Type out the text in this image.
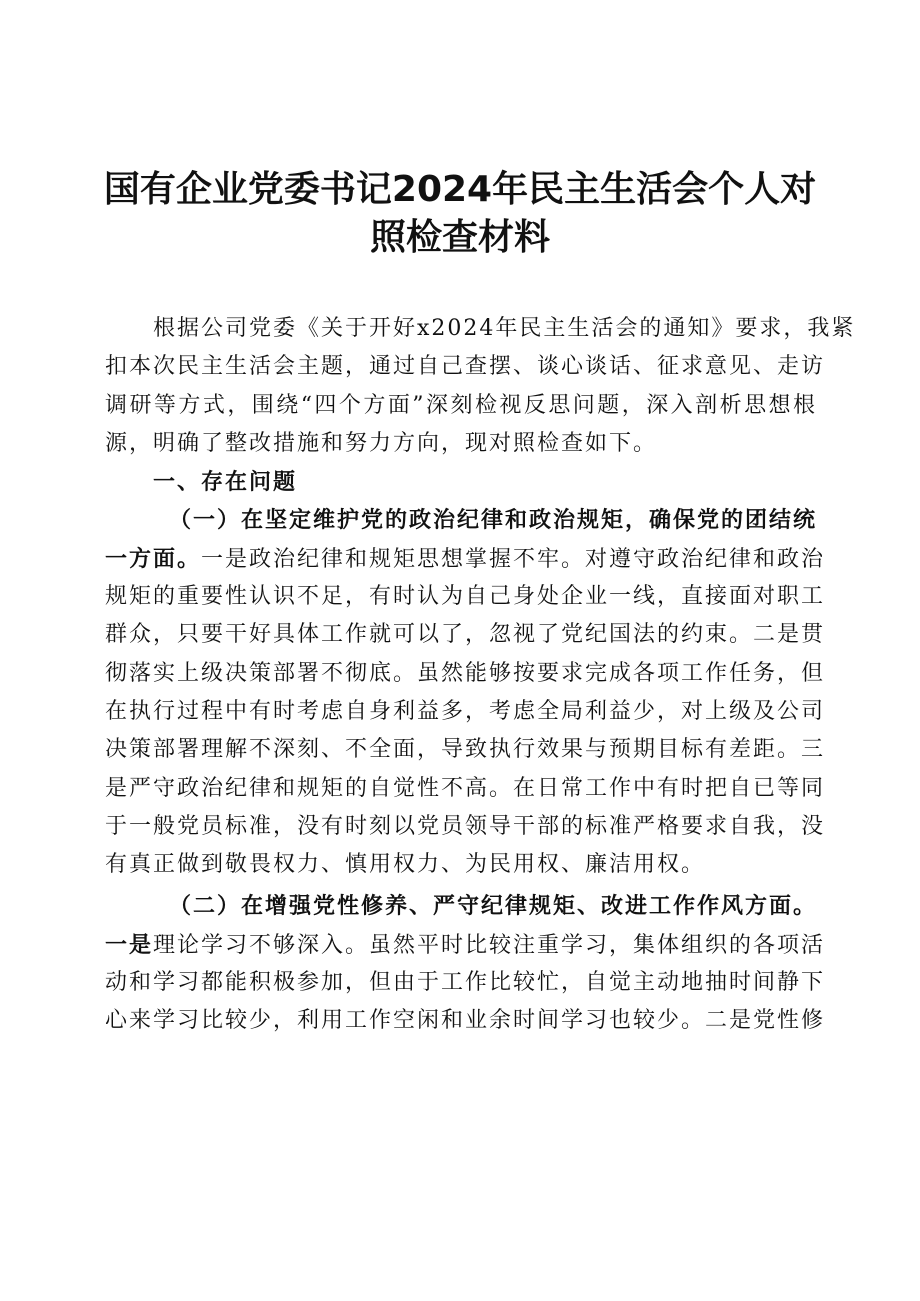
国有企业党委书记2024年民主生活会个人对
照检查材料
根据公司党委《关于开好x2024年民主生活会的通知》要求，我紧
扣本次民主生活会主题，通过自己查摆、谈心谈话、征求意见、走访
调研等方式，围绕“四个方面”深刻检视反思问题，深入剖析思想根
源，明确了整改措施和努力方向，现对照检查如下。
一、存在问题
（一）在坚定维护党的政治纪律和政治规矩，确保党的团结统
一方面。一是政治纪律和规矩思想掌握不牢。对遵守政治纪律和政治
规矩的重要性认识不足，有时认为自己身处企业一线，直接面对职工
群众，只要干好具体工作就可以了，忽视了党纪国法的约束。二是贯
彻落实上级决策部署不彻底。虽然能够按要求完成各项工作任务，但
在执行过程中有时考虑自身利益多，考虑全局利益少，对上级及公司
决策部署理解不深刻、不全面，导致执行效果与预期目标有差距。三
是严守政治纪律和规矩的自觉性不高。在日常工作中有时把自已等同
于一般党员标准，没有时刻以党员领导干部的标准严格要求自我，没
有真正做到敬畏权力、慎用权力、为民用权、廉洁用权。
（二）在增强党性修养、严守纪律规矩、改进工作作风方面。
一是理论学习不够深入。虽然平时比较注重学习，集体组织的各项活
动和学习都能积极参加，但由于工作比较忙，自觉主动地抽时间静下
心来学习比较少，利用工作空闲和业余时间学习也较少。二是党性修
